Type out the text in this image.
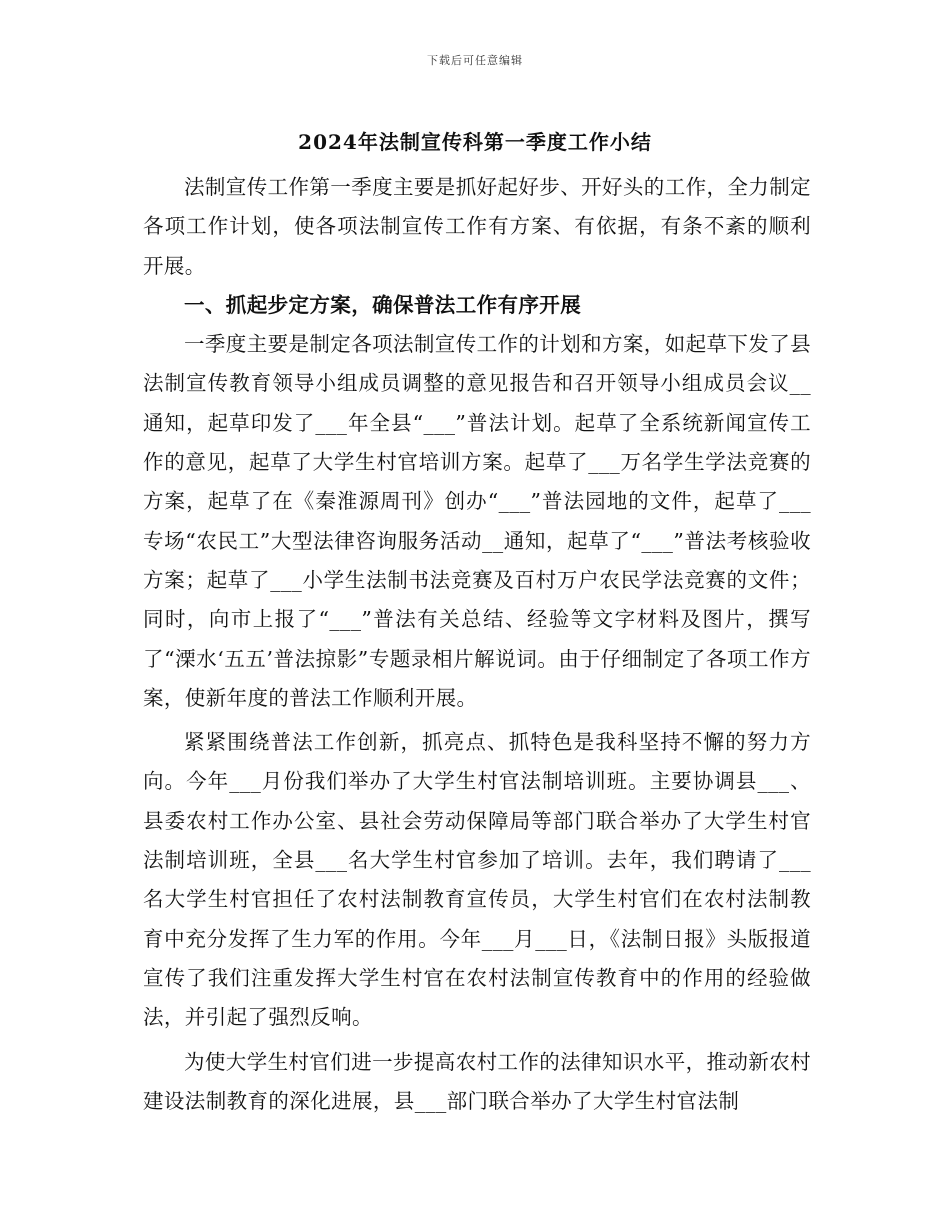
下载后可任意编辑
2024年法制宣传科第一季度工作小结

法制宣传工作第一季度主要是抓好起好步、开好头的工作，全力制定各项工作计划，使各项法制宣传工作有方案、有依据，有条不紊的顺利开展。

一、抓起步定方案，确保普法工作有序开展

一季度主要是制定各项法制宣传工作的计划和方案，如起草下发了县法制宣传教育领导小组成员调整的意见报告和召开领导小组成员会议__通知，起草印发了___年全县“___”普法计划。起草了全系统新闻宣传工作的意见，起草了大学生村官培训方案。起草了___万名学生学法竞赛的方案，起草了在《秦淮源周刊》创办“___”普法园地的文件，起草了___专场“农民工”大型法律咨询服务活动__通知，起草了“___”普法考核验收方案；起草了___小学生法制书法竞赛及百村万户农民学法竞赛的文件；同时，向市上报了“___”普法有关总结、经验等文字材料及图片，撰写了“溧水‘五五’普法掠影”专题录相片解说词。由于仔细制定了各项工作方案，使新年度的普法工作顺利开展。

紧紧围绕普法工作创新，抓亮点、抓特色是我科坚持不懈的努力方向。今年___月份我们举办了大学生村官法制培训班。主要协调县___、县委农村工作办公室、县社会劳动保障局等部门联合举办了大学生村官法制培训班，全县___名大学生村官参加了培训。去年，我们聘请了___名大学生村官担任了农村法制教育宣传员，大学生村官们在农村法制教育中充分发挥了生力军的作用。今年___月___日，《法制日报》头版报道宣传了我们注重发挥大学生村官在农村法制宣传教育中的作用的经验做法，并引起了强烈反响。

为使大学生村官们进一步提高农村工作的法律知识水平，推动新农村建设法制教育的深化进展，县___部门联合举办了大学生村官法制
